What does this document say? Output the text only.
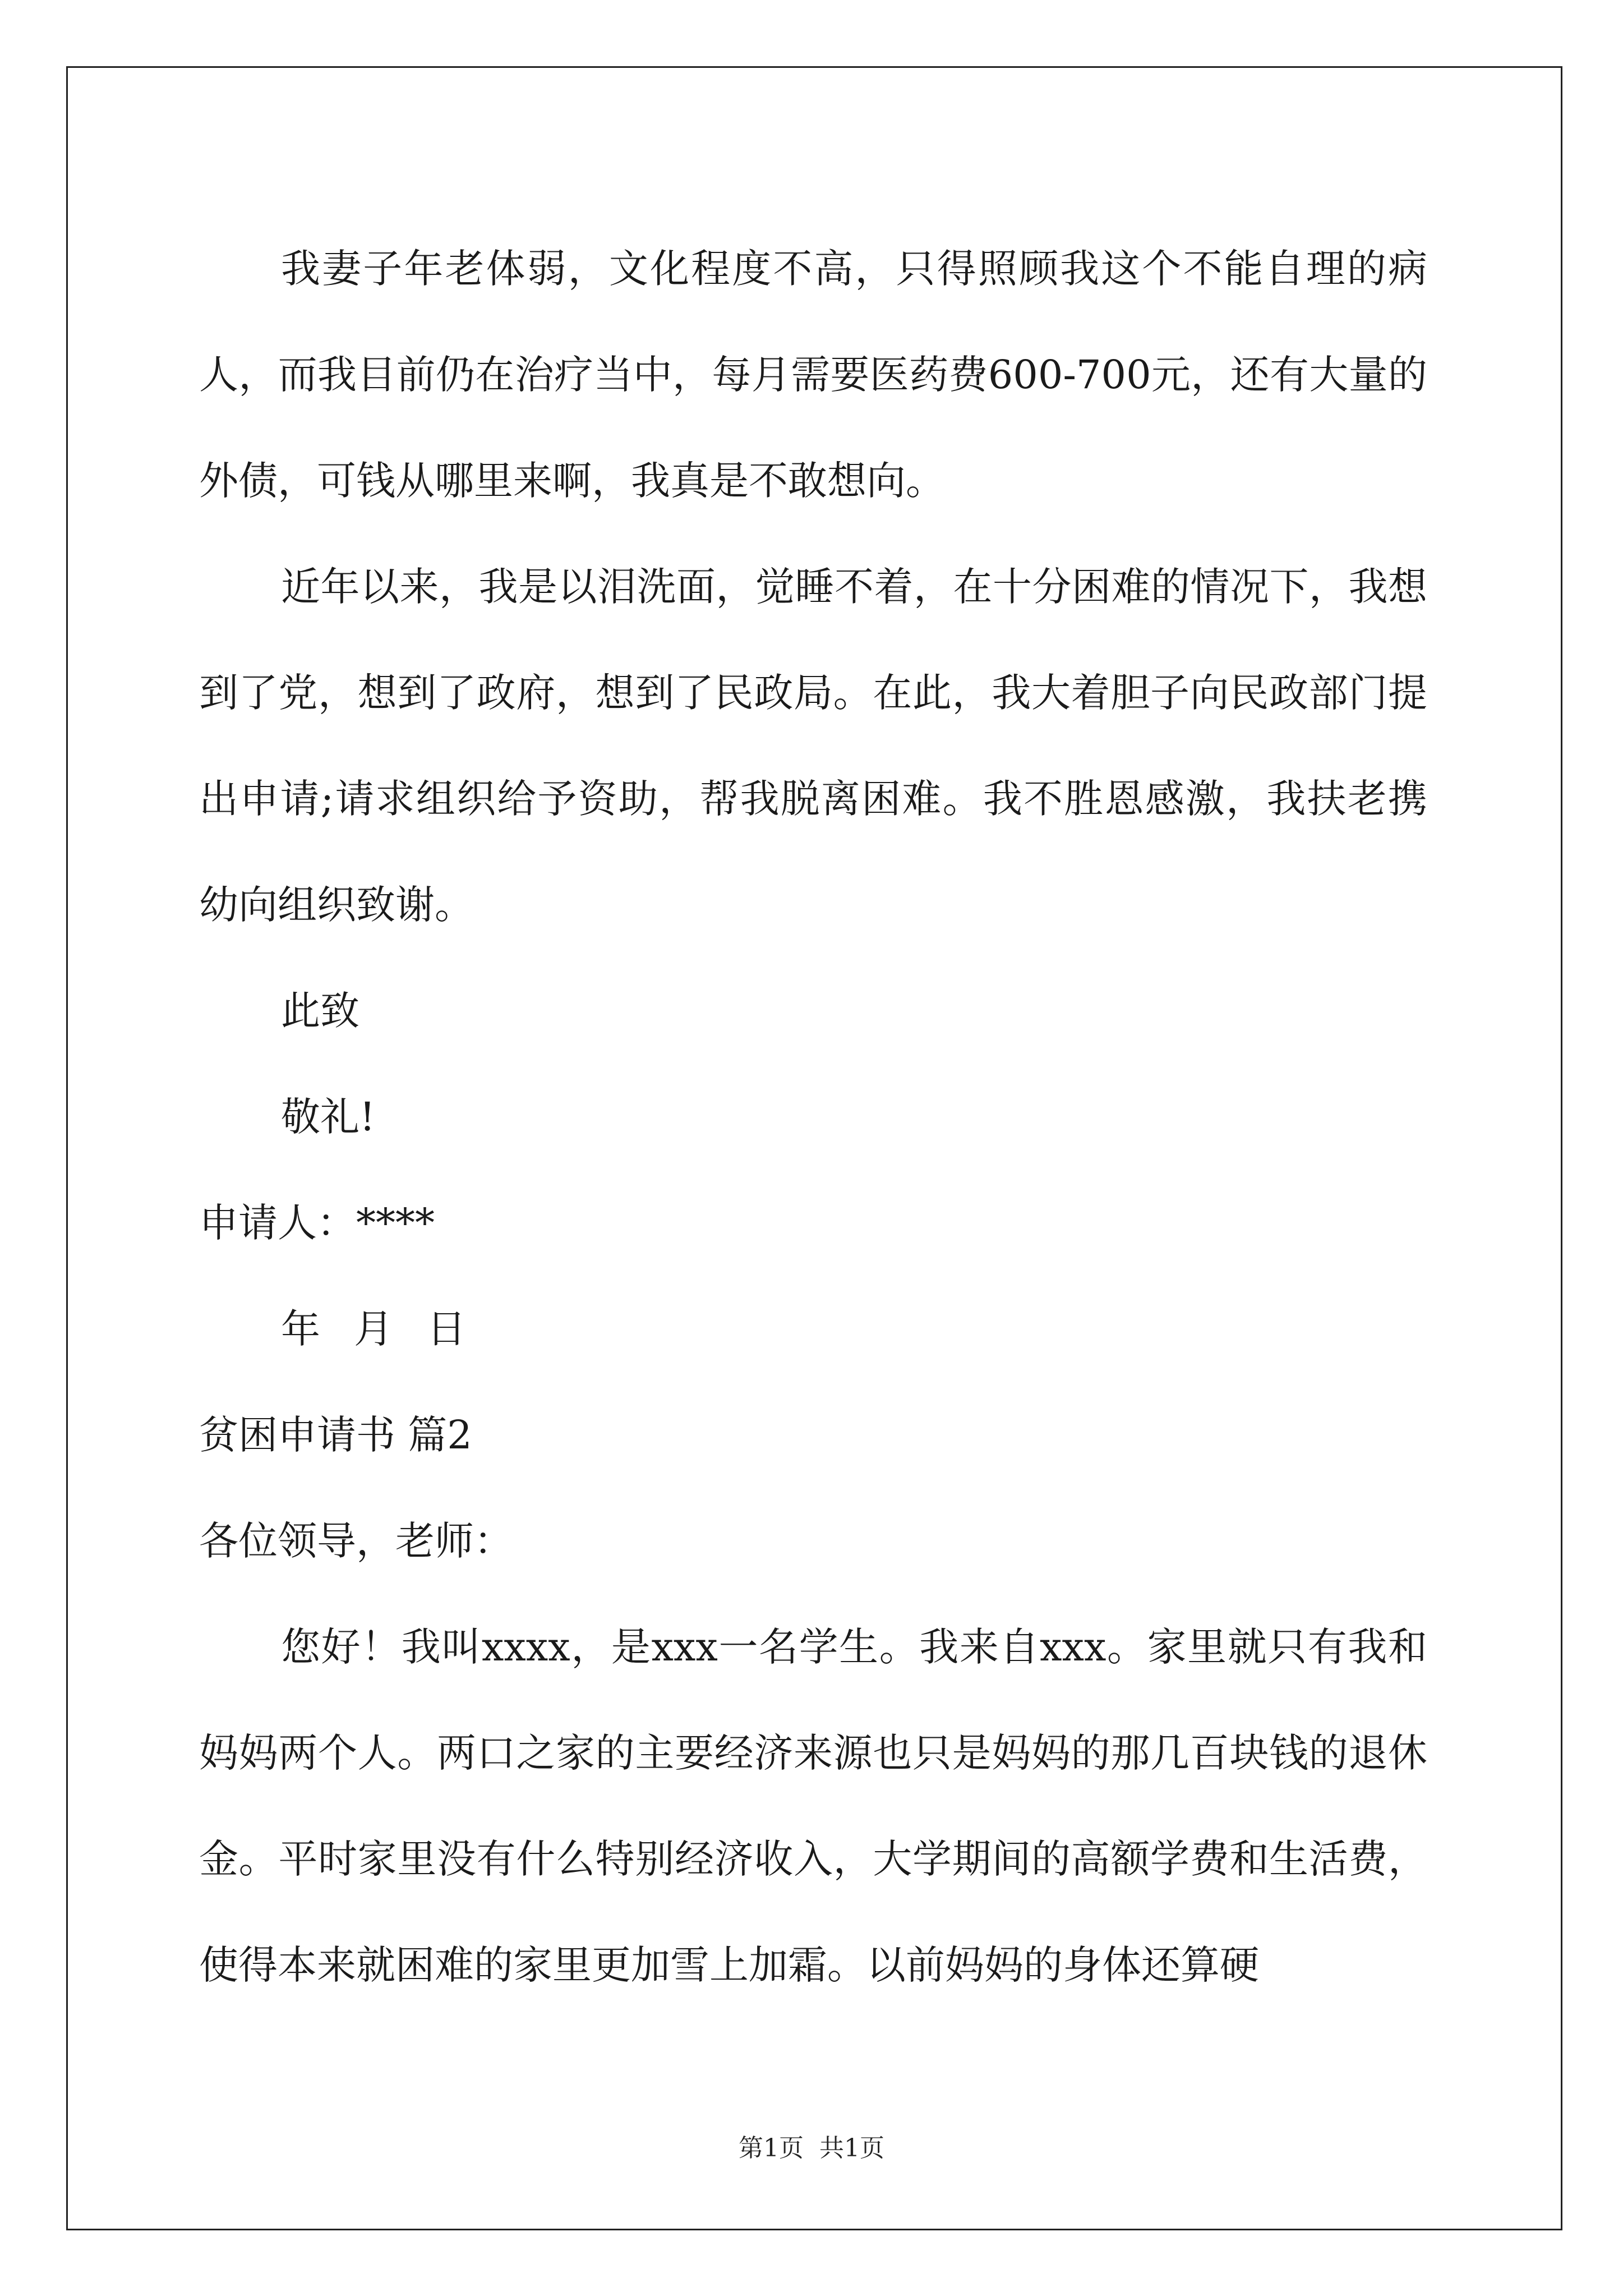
我妻子年老体弱，文化程度不高，只得照顾我这个不能自理的病人，而我目前仍在治疗当中，每月需要医药费600-700元，还有大量的外债，可钱从哪里来啊，我真是不敢想向。

近年以来，我是以泪洗面，觉睡不着，在十分困难的情况下，我想到了党，想到了政府，想到了民政局。在此，我大着胆子向民政部门提出申请;请求组织给予资助，帮我脱离困难。我不胜恩感激，我扶老携幼向组织致谢。

此致

敬礼!

申请人：****

年 月 日

贫困申请书 篇2

各位领导，老师：

您好！我叫xxxx，是xxx一名学生。我来自xxx。家里就只有我和妈妈两个人。两口之家的主要经济来源也只是妈妈的那几百块钱的退休金。平时家里没有什么特别经济收入，大学期间的高额学费和生活费，使得本来就困难的家里更加雪上加霜。以前妈妈的身体还算硬

第1页 共1页
